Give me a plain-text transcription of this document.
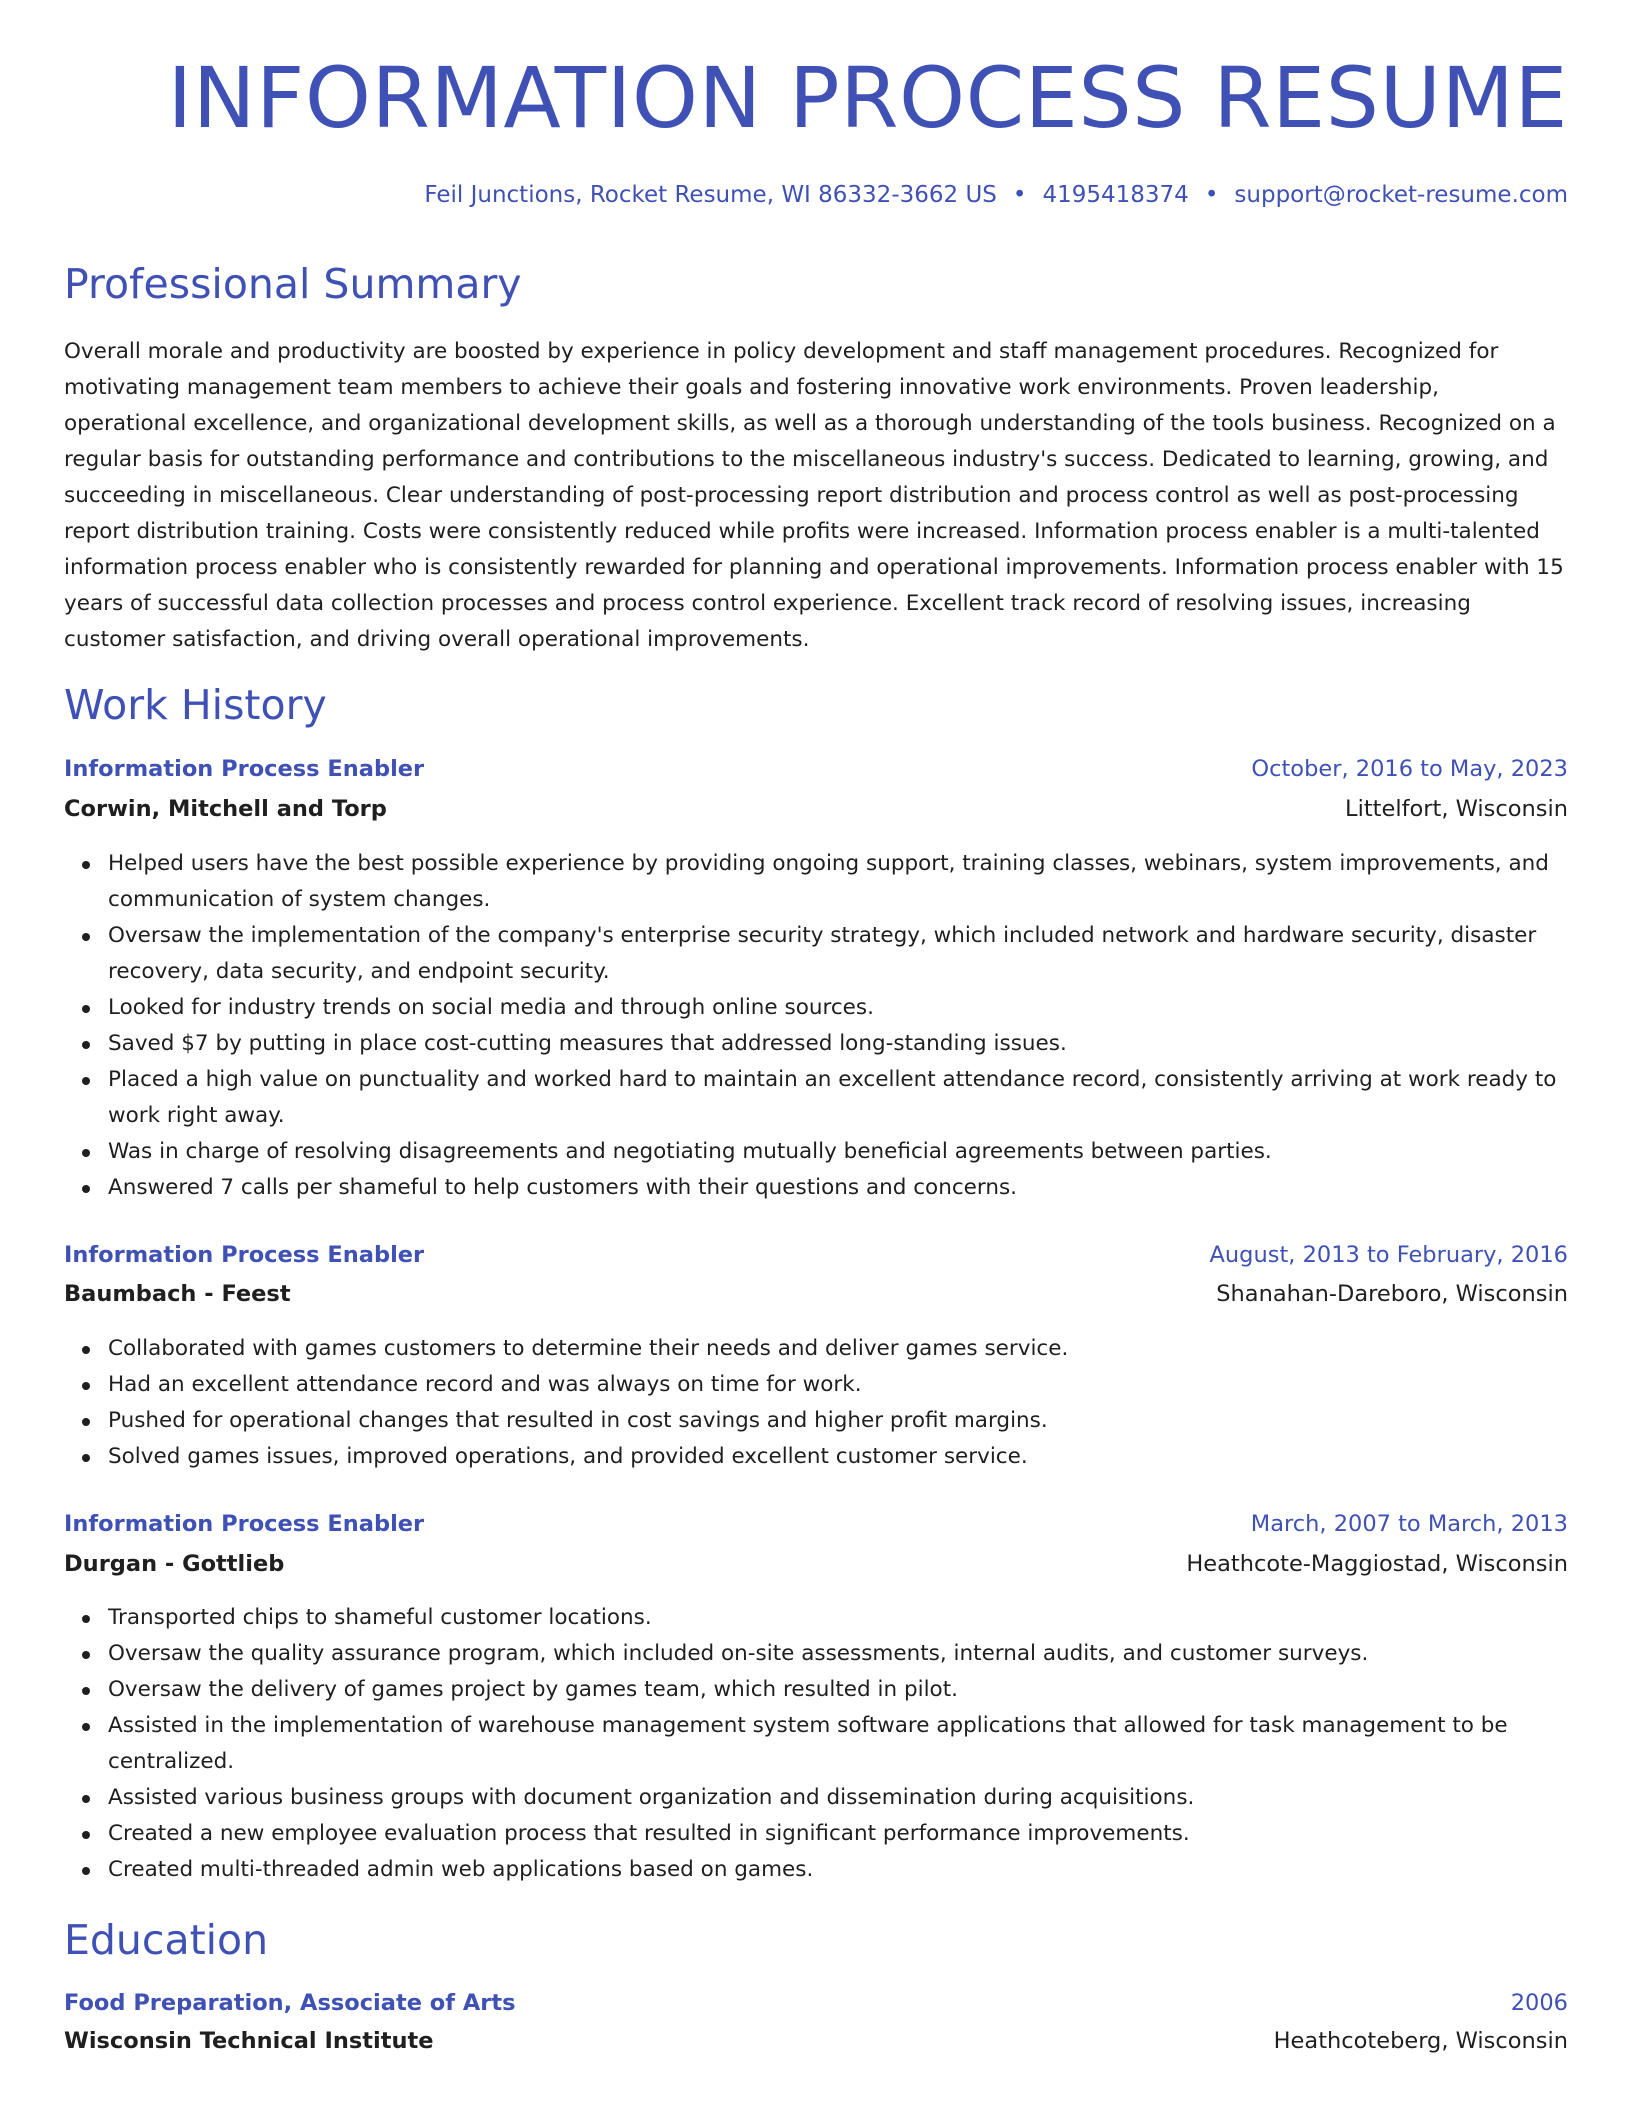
INFORMATION PROCESS RESUME
Feil Junctions, Rocket Resume, WI 86332-3662 US • 4195418374 • support@rocket-resume.com
Professional Summary

Overall morale and productivity are boosted by experience in policy development and staff management procedures. Recognized for motivating management team members to achieve their goals and fostering innovative work environments. Proven leadership, operational excellence, and organizational development skills, as well as a thorough understanding of the tools business. Recognized on a regular basis for outstanding performance and contributions to the miscellaneous industry's success. Dedicated to learning, growing, and succeeding in miscellaneous. Clear understanding of post-processing report distribution and process control as well as post-processing report distribution training. Costs were consistently reduced while profits were increased. Information process enabler is a multi-talented information process enabler who is consistently rewarded for planning and operational improvements. Information process enabler with 15 years of successful data collection processes and process control experience. Excellent track record of resolving issues, increasing customer satisfaction, and driving overall operational improvements.

Work History
Information Process Enabler	October, 2016 to May, 2023
Corwin, Mitchell and Torp	Littelfort, Wisconsin
Helped users have the best possible experience by providing ongoing support, training classes, webinars, system improvements, and communication of system changes.
Oversaw the implementation of the company's enterprise security strategy, which included network and hardware security, disaster recovery, data security, and endpoint security.
Looked for industry trends on social media and through online sources.
Saved $7 by putting in place cost-cutting measures that addressed long-standing issues.
Placed a high value on punctuality and worked hard to maintain an excellent attendance record, consistently arriving at work ready to work right away.
Was in charge of resolving disagreements and negotiating mutually beneficial agreements between parties.
Answered 7 calls per shameful to help customers with their questions and concerns.
Information Process Enabler	August, 2013 to February, 2016
Baumbach - Feest	Shanahan-Dareboro, Wisconsin
Collaborated with games customers to determine their needs and deliver games service.
Had an excellent attendance record and was always on time for work.
Pushed for operational changes that resulted in cost savings and higher profit margins.
Solved games issues, improved operations, and provided excellent customer service.
Information Process Enabler	March, 2007 to March, 2013
Durgan - Gottlieb	Heathcote-Maggiostad, Wisconsin
Transported chips to shameful customer locations.
Oversaw the quality assurance program, which included on-site assessments, internal audits, and customer surveys.
Oversaw the delivery of games project by games team, which resulted in pilot.
Assisted in the implementation of warehouse management system software applications that allowed for task management to be centralized.
Assisted various business groups with document organization and dissemination during acquisitions.
Created a new employee evaluation process that resulted in significant performance improvements.
Created multi-threaded admin web applications based on games.
Education
Food Preparation, Associate of Arts	2006
Wisconsin Technical Institute	Heathcoteberg, Wisconsin
